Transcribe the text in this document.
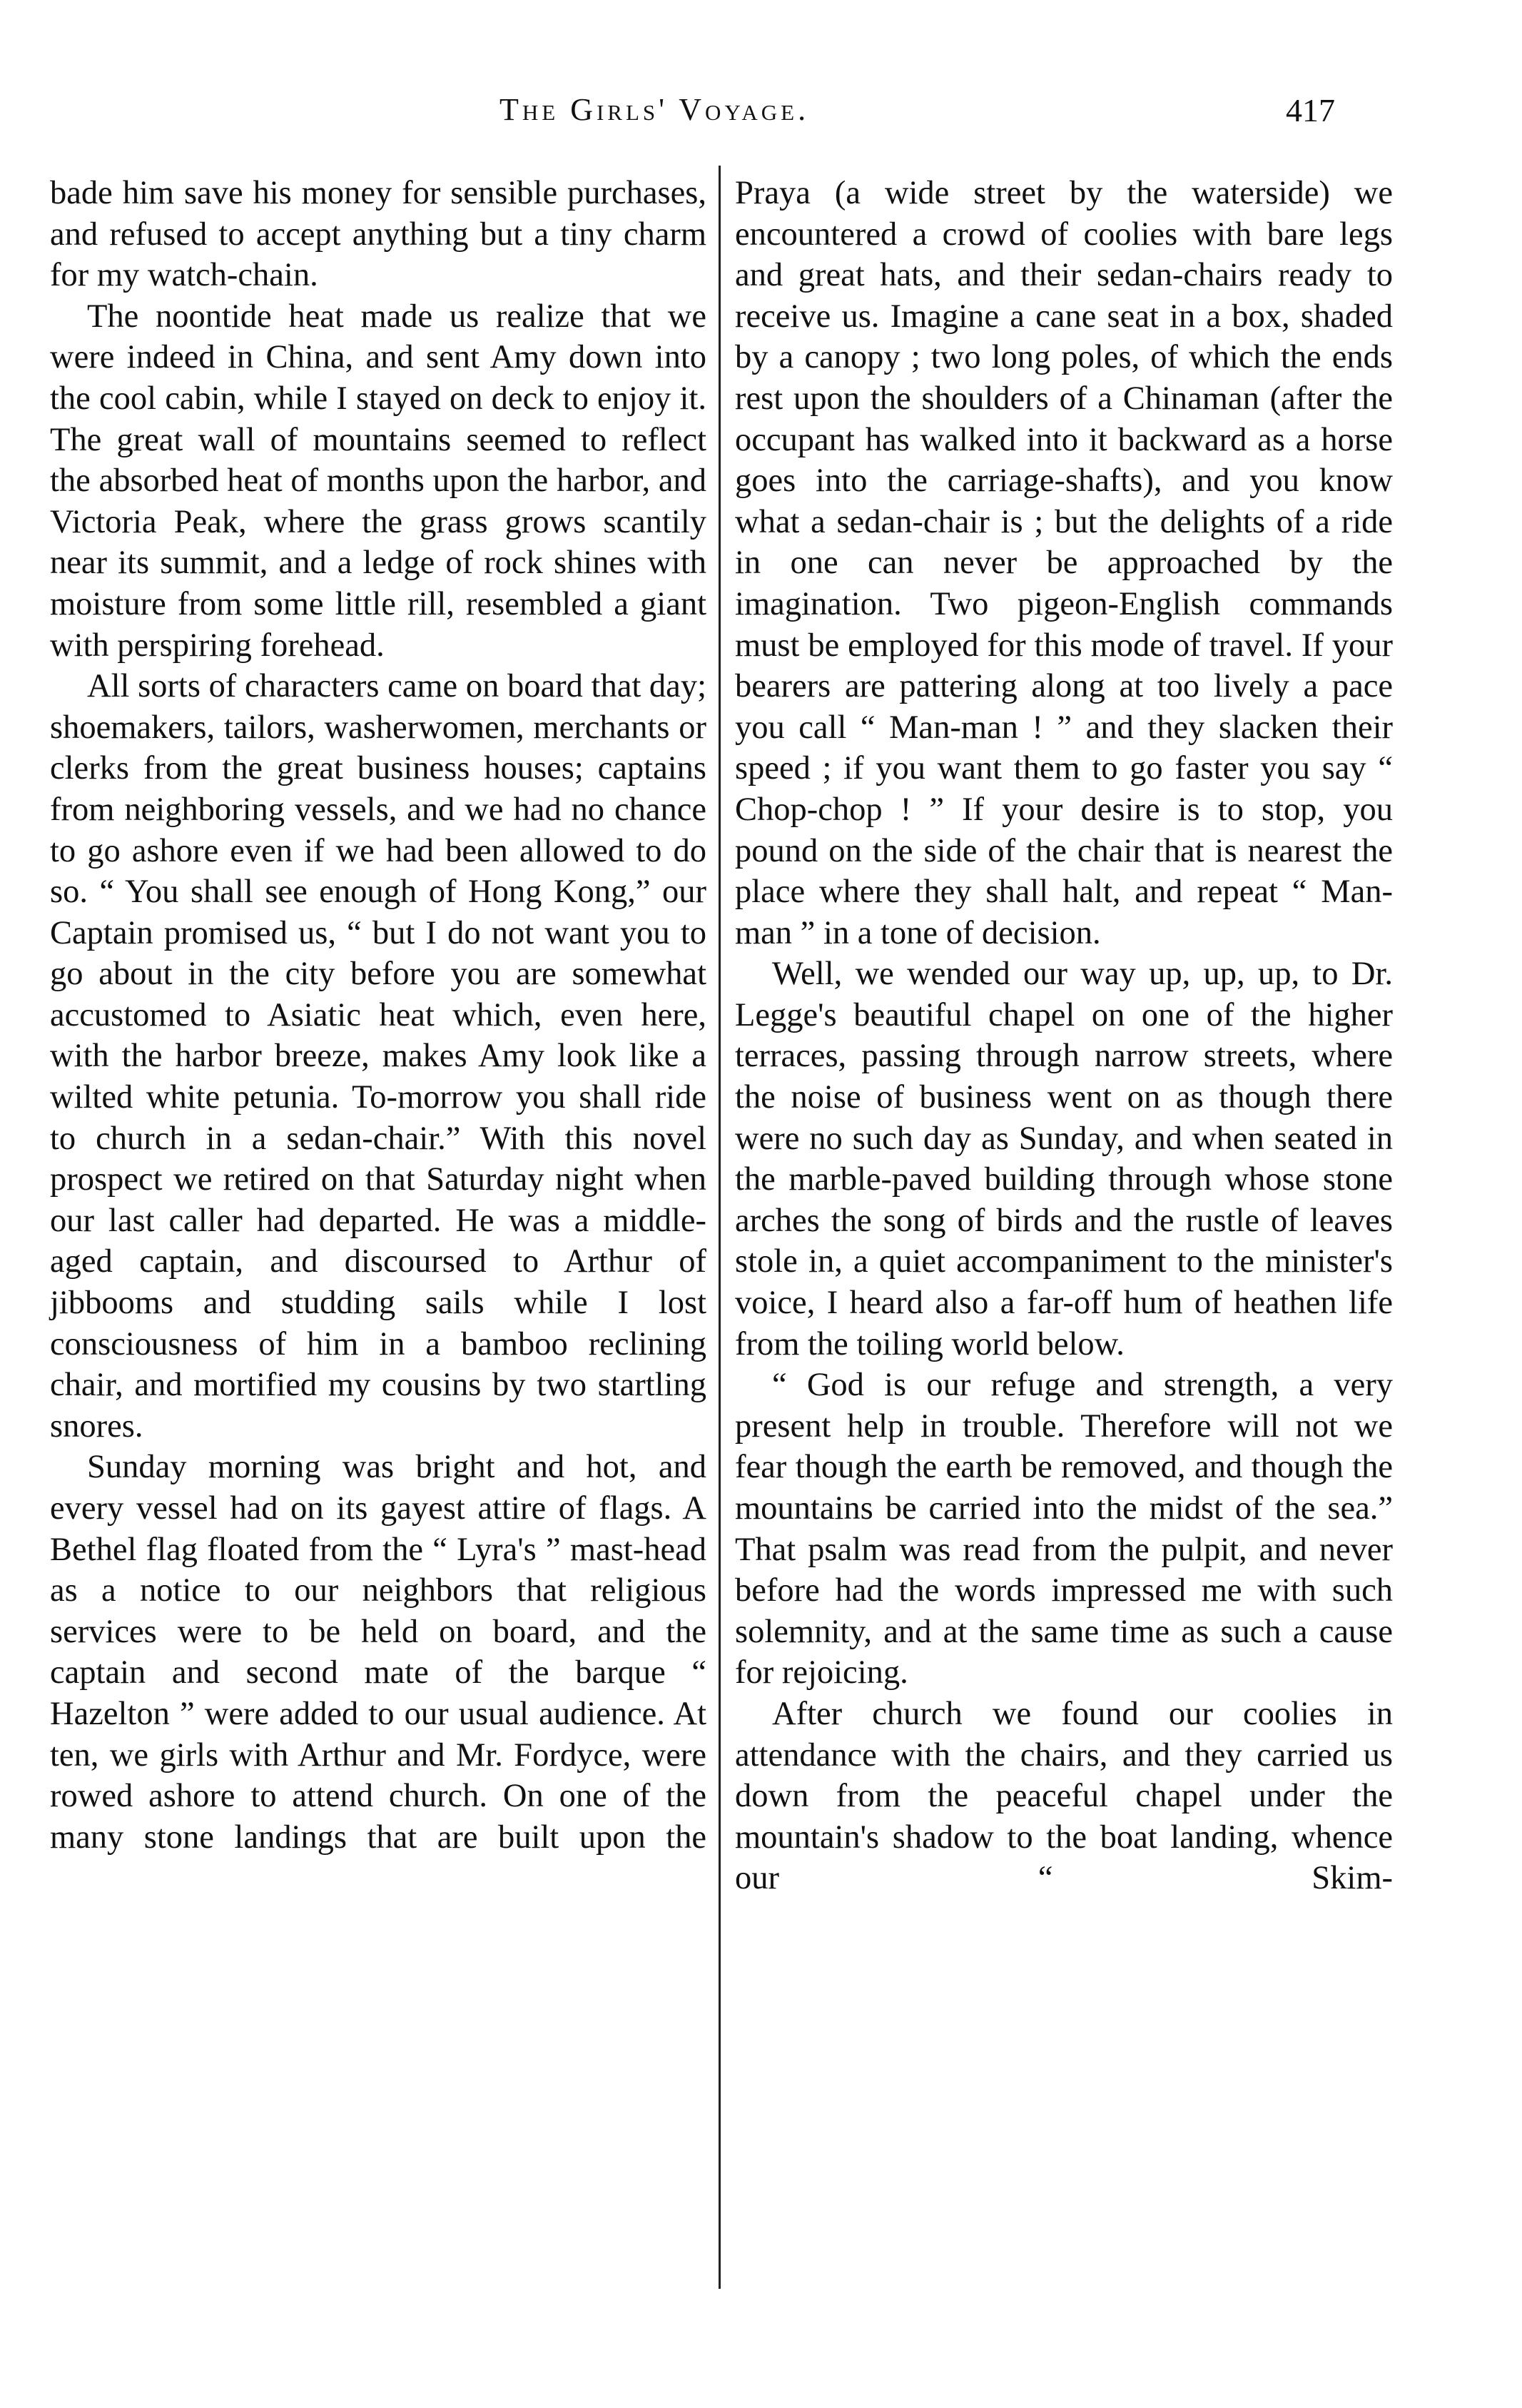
The Girls' Voyage.	417

bade him save his money for sensible purchases, and refused to accept anything but a tiny charm for my watch-chain.

The noontide heat made us realize that we were indeed in China, and sent Amy down into the cool cabin, while I stayed on deck to enjoy it. The great wall of mountains seemed to reflect the absorbed heat of months upon the harbor, and Victoria Peak, where the grass grows scantily near its summit, and a ledge of rock shines with moisture from some little rill, resembled a giant with perspiring forehead.

All sorts of characters came on board that day; shoemakers, tailors, washerwomen, merchants or clerks from the great business houses; captains from neighboring vessels, and we had no chance to go ashore even if we had been allowed to do so. “ You shall see enough of Hong Kong,” our Captain promised us, “ but I do not want you to go about in the city before you are somewhat accustomed to Asiatic heat which, even here, with the harbor breeze, makes Amy look like a wilted white petunia. To-morrow you shall ride to church in a sedan-chair.” With this novel prospect we retired on that Saturday night when our last caller had departed. He was a middle-aged captain, and discoursed to Arthur of jibbooms and studding sails while I lost consciousness of him in a bamboo reclining chair, and mortified my cousins by two startling snores.

Sunday morning was bright and hot, and every vessel had on its gayest attire of flags. A Bethel flag floated from the “ Lyra's ” mast-head as a notice to our neighbors that religious services were to be held on board, and the captain and second mate of the barque “ Hazelton ” were added to our usual audience. At ten, we girls with Arthur and Mr. Fordyce, were rowed ashore to attend church. On one of the many stone landings that are built upon the

Praya (a wide street by the waterside) we encountered a crowd of coolies with bare legs and great hats, and their sedan-chairs ready to receive us. Imagine a cane seat in a box, shaded by a canopy ; two long poles, of which the ends rest upon the shoulders of a Chinaman (after the occupant has walked into it backward as a horse goes into the carriage-shafts), and you know what a sedan-chair is ; but the delights of a ride in one can never be approached by the imagination. Two pigeon-English commands must be employed for this mode of travel. If your bearers are pattering along at too lively a pace you call “ Man-man ! ” and they slacken their speed ; if you want them to go faster you say “ Chop-chop ! ” If your desire is to stop, you pound on the side of the chair that is nearest the place where they shall halt, and repeat “ Man-man ” in a tone of decision.

Well, we wended our way up, up, up, to Dr. Legge's beautiful chapel on one of the higher terraces, passing through narrow streets, where the noise of business went on as though there were no such day as Sunday, and when seated in the marble-paved building through whose stone arches the song of birds and the rustle of leaves stole in, a quiet accompaniment to the minister's voice, I heard also a far-off hum of heathen life from the toiling world below.

“ God is our refuge and strength, a very present help in trouble. Therefore will not we fear though the earth be removed, and though the mountains be carried into the midst of the sea.” That psalm was read from the pulpit, and never before had the words impressed me with such solemnity, and at the same time as such a cause for rejoicing.

After church we found our coolies in attendance with the chairs, and they carried us down from the peaceful chapel under the mountain's shadow to the boat landing, whence our “ Skim-
